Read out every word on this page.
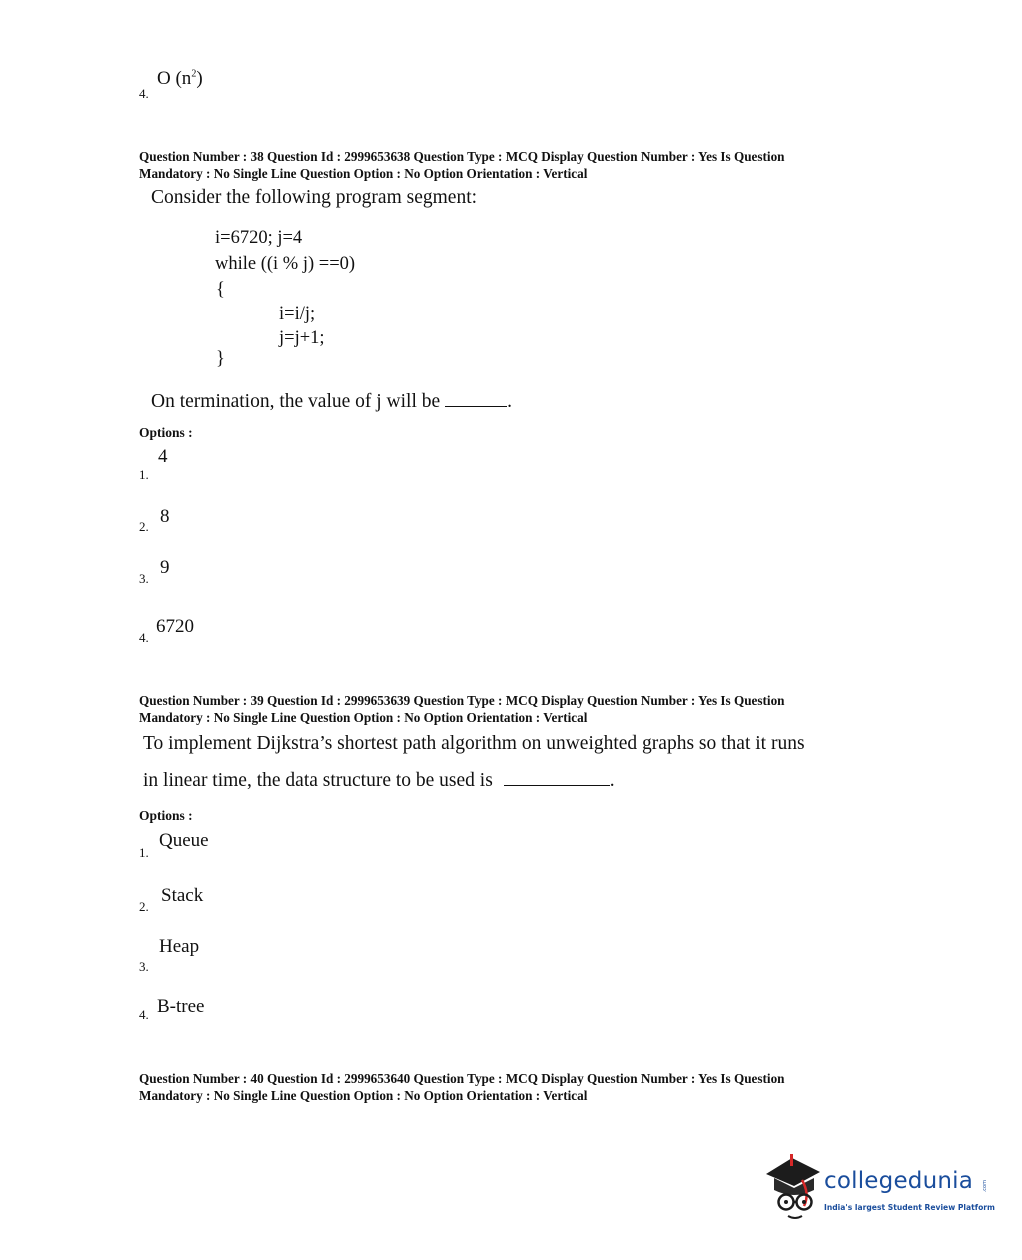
4.
O $(n^2)$
Question Number : 38 Question Id : 2999653638 Question Type : MCQ Display Question Number : Yes Is Question
Mandatory : No Single Line Question Option : No Option Orientation : Vertical
Consider the following program segment:
i=6720; j=4
while ((i % j) ==0)
{
i=i/j;
j=j+1;
}
On termination, the value of j will be	.
Options :
1.
4
2. 8
3.
9
4.
6720
Question Number : 39 Question Id : 2999653639 Question Type : MCQ Display Question Number : Yes Is Question
Mandatory : No Single Line Question Option : No Option Orientation : Vertical
To implement Dijkstra’s shortest path algorithm on unweighted graphs so that it runs
in linear time, the data structure to be used is	.
Options :
1.
Queue
2.
Stack
3.
Heap
4. B-tree
Question Number : 40 Question Id : 2999653640 Question Type : MCQ Display Question Number : Yes Is Question
Mandatory : No Single Line Question Option : No Option Orientation : Vertical
collegedunia .com
India's largest Student Review Platform
